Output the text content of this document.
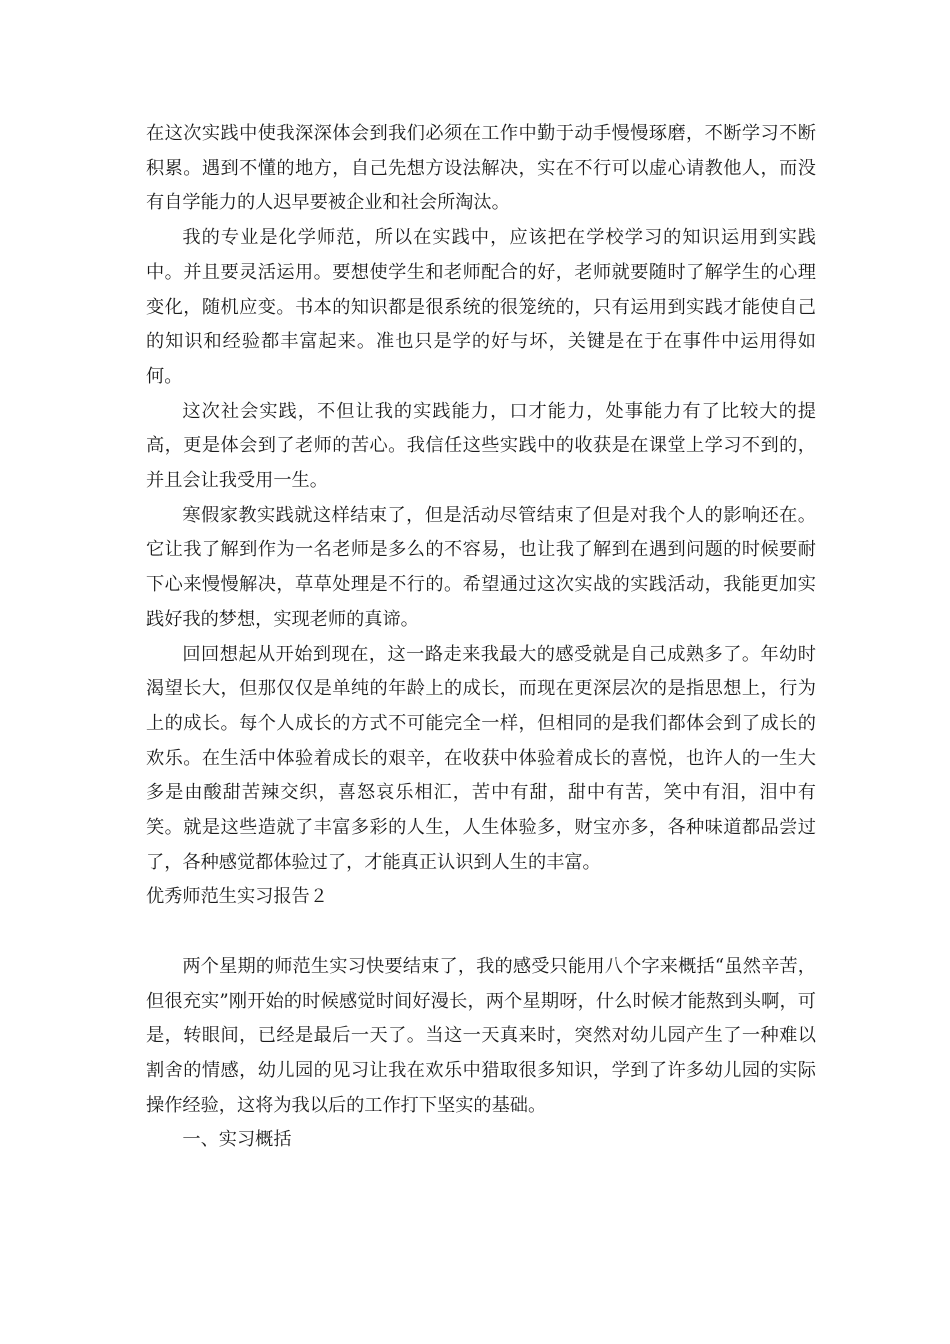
在这次实践中使我深深体会到我们必须在工作中勤于动手慢慢琢磨，不断学习不断积累。遇到不懂的地方，自己先想方设法解决，实在不行可以虚心请教他人，而没有自学能力的人迟早要被企业和社会所淘汰。

我的专业是化学师范，所以在实践中，应该把在学校学习的知识运用到实践中。并且要灵活运用。要想使学生和老师配合的好，老师就要随时了解学生的心理变化，随机应变。书本的知识都是很系统的很笼统的，只有运用到实践才能使自己的知识和经验都丰富起来。准也只是学的好与坏，关键是在于在事件中运用得如何。

这次社会实践，不但让我的实践能力，口才能力，处事能力有了比较大的提高，更是体会到了老师的苦心。我信任这些实践中的收获是在课堂上学习不到的，并且会让我受用一生。

寒假家教实践就这样结束了，但是活动尽管结束了但是对我个人的影响还在。它让我了解到作为一名老师是多么的不容易，也让我了解到在遇到问题的时候要耐下心来慢慢解决，草草处理是不行的。希望通过这次实战的实践活动，我能更加实践好我的梦想，实现老师的真谛。

回回想起从开始到现在，这一路走来我最大的感受就是自己成熟多了。年幼时渴望长大，但那仅仅是单纯的年龄上的成长，而现在更深层次的是指思想上，行为上的成长。每个人成长的方式不可能完全一样，但相同的是我们都体会到了成长的欢乐。在生活中体验着成长的艰辛，在收获中体验着成长的喜悦，也许人的一生大多是由酸甜苦辣交织，喜怒哀乐相汇，苦中有甜，甜中有苦，笑中有泪，泪中有笑。就是这些造就了丰富多彩的人生，人生体验多，财宝亦多，各种味道都品尝过了，各种感觉都体验过了，才能真正认识到人生的丰富。

优秀师范生实习报告２

两个星期的师范生实习快要结束了，我的感受只能用八个字来概括“虽然辛苦，但很充实”刚开始的时候感觉时间好漫长，两个星期呀，什么时候才能熬到头啊，可是，转眼间，已经是最后一天了。当这一天真来时，突然对幼儿园产生了一种难以割舍的情感，幼儿园的见习让我在欢乐中猎取很多知识，学到了许多幼儿园的实际操作经验，这将为我以后的工作打下坚实的基础。

一、实习概括
